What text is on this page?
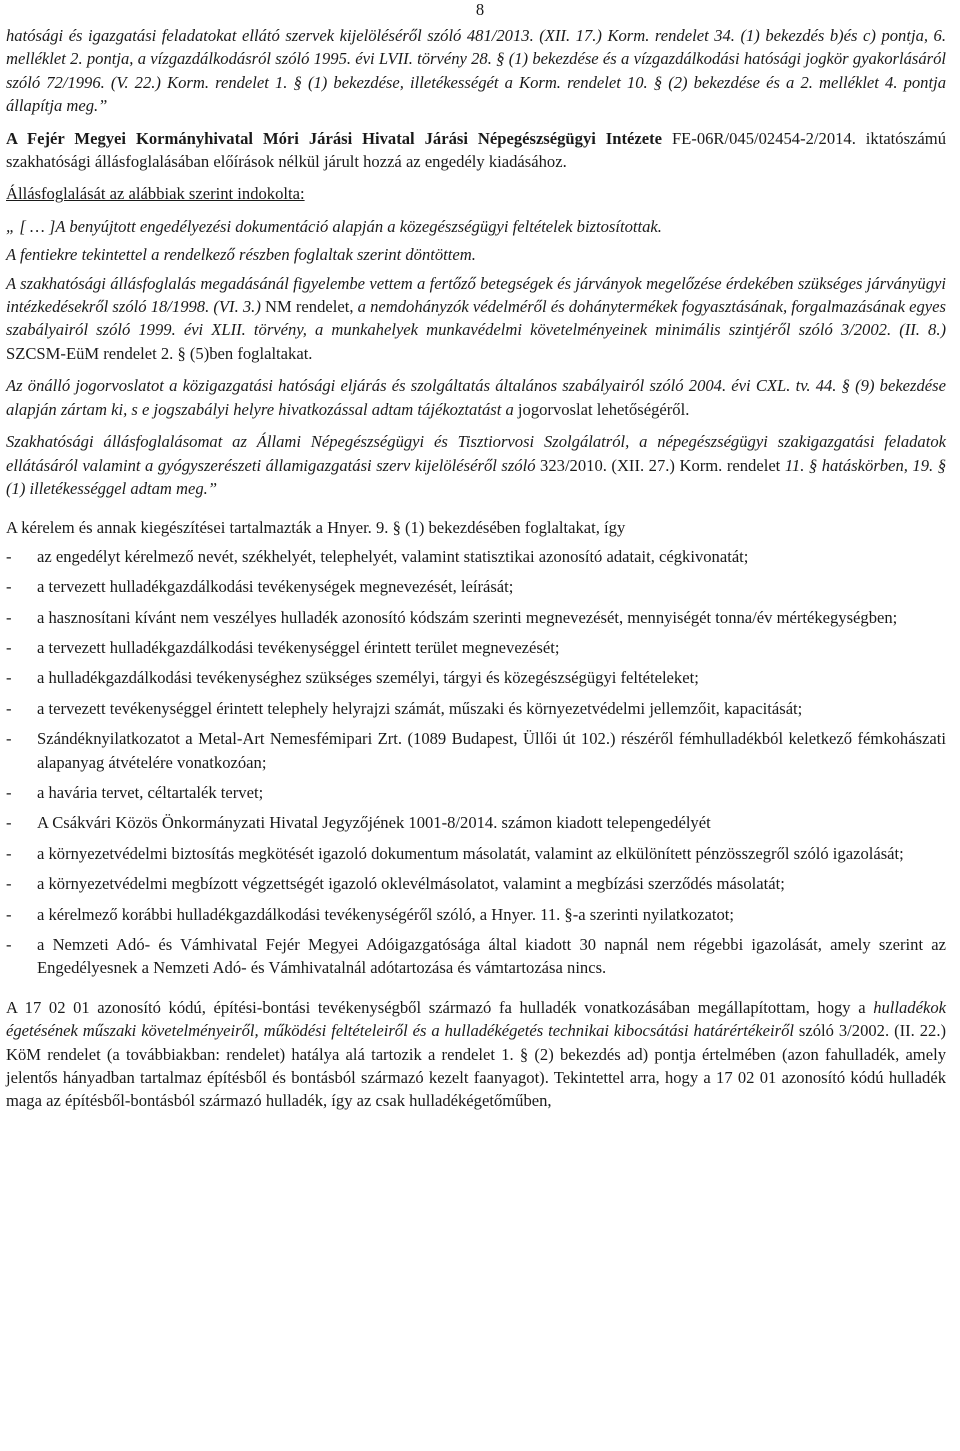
8

hatósági és igazgatási feladatokat ellátó szervek kijelöléséről szóló 481/2013. (XII. 17.) Korm. rendelet 34. (1) bekezdés b)és c) pontja, 6. melléklet 2. pontja, a vízgazdálkodásról szóló 1995. évi LVII. törvény 28. § (1) bekezdése és a vízgazdálkodási hatósági jogkör gyakorlásáról szóló 72/1996. (V. 22.) Korm. rendelet 1. § (1) bekezdése, illetékességét a Korm. rendelet 10. § (2) bekezdése és a 2. melléklet 4. pontja állapítja meg.”

A Fejér Megyei Kormányhivatal Móri Járási Hivatal Járási Népegészségügyi Intézete FE-06R/045/02454-2/2014. iktatószámú szakhatósági állásfoglalásában előírások nélkül járult hozzá az engedély kiadásához.

Állásfoglalását az alábbiak szerint indokolta:

„ [ … ]A benyújtott engedélyezési dokumentáció alapján a közegészségügyi feltételek biztosítottak.

A fentiekre tekintettel a rendelkező részben foglaltak szerint döntöttem.

A szakhatósági állásfoglalás megadásánál figyelembe vettem a fertőző betegségek és járványok megelőzése érdekében szükséges járványügyi intézkedésekről szóló 18/1998. (VI. 3.) NM rendelet, a nemdohányzók védelméről és dohánytermékek fogyasztásának, forgalmazásának egyes szabályairól szóló 1999. évi XLII. törvény, a munkahelyek munkavédelmi követelményeinek minimális szintjéről szóló 3/2002. (II. 8.) SZCSM-EüM rendelet 2. § (5)ben foglaltakat.

Az önálló jogorvoslatot a közigazgatási hatósági eljárás és szolgáltatás általános szabályairól szóló 2004. évi CXL. tv. 44. § (9) bekezdése alapján zártam ki, s e jogszabályi helyre hivatkozással adtam tájékoztatást a jogorvoslat lehetőségéről.

Szakhatósági állásfoglalásomat az Állami Népegészségügyi és Tisztiorvosi Szolgálatról, a népegészségügyi szakigazgatási feladatok ellátásáról valamint a gyógyszerészeti államigazgatási szerv kijelöléséről szóló 323/2010. (XII. 27.) Korm. rendelet 11. § hatáskörben, 19. § (1) illetékességgel adtam meg.”

A kérelem és annak kiegészítései tartalmazták a Hnyer. 9. § (1) bekezdésében foglaltakat, így

- az engedélyt kérelmező nevét, székhelyét, telephelyét, valamint statisztikai azonosító adatait, cégkivonatát;
- a tervezett hulladékgazdálkodási tevékenységek megnevezését, leírását;
- a hasznosítani kívánt nem veszélyes hulladék azonosító kódszám szerinti megnevezését, mennyiségét tonna/év mértékegységben;
- a tervezett hulladékgazdálkodási tevékenységgel érintett terület megnevezését;
- a hulladékgazdálkodási tevékenységhez szükséges személyi, tárgyi és közegészségügyi feltételeket;
- a tervezett tevékenységgel érintett telephely helyrajzi számát, műszaki és környezetvédelmi jellemzőit, kapacitását;
- Szándéknyilatkozatot a Metal-Art Nemesfémipari Zrt. (1089 Budapest, Üllői út 102.) részéről fémhulladékból keletkező fémkohászati alapanyag átvételére vonatkozóan;
- a havária tervet, céltartalék tervet;
- A Csákvári Közös Önkormányzati Hivatal Jegyzőjének 1001-8/2014. számon kiadott telepengedélyét
- a környezetvédelmi biztosítás megkötését igazoló dokumentum másolatát, valamint az elkülönített pénzösszegről szóló igazolását;
- a környezetvédelmi megbízott végzettségét igazoló oklevélmásolatot, valamint a megbízási szerződés másolatát;
- a kérelmező korábbi hulladékgazdálkodási tevékenységéről szóló, a Hnyer. 11. §-a szerinti nyilatkozatot;
- a Nemzeti Adó- és Vámhivatal Fejér Megyei Adóigazgatósága által kiadott 30 napnál nem régebbi igazolását, amely szerint az Engedélyesnek a Nemzeti Adó- és Vámhivatalnál adótartozása és vámtartozása nincs.

A 17 02 01 azonosító kódú, építési-bontási tevékenységből származó fa hulladék vonatkozásában megállapítottam, hogy a hulladékok égetésének műszaki követelményeiről, működési feltételeiről és a hulladékégetés technikai kibocsátási határértékeiről szóló 3/2002. (II. 22.) KöM rendelet (a továbbiakban: rendelet) hatálya alá tartozik a rendelet 1. § (2) bekezdés ad) pontja értelmében (azon fahulladék, amely jelentős hányadban tartalmaz építésből és bontásból származó kezelt faanyagot). Tekintettel arra, hogy a 17 02 01 azonosító kódú hulladék maga az építésből-bontásból származó hulladék, így az csak hulladékégetőműben,
